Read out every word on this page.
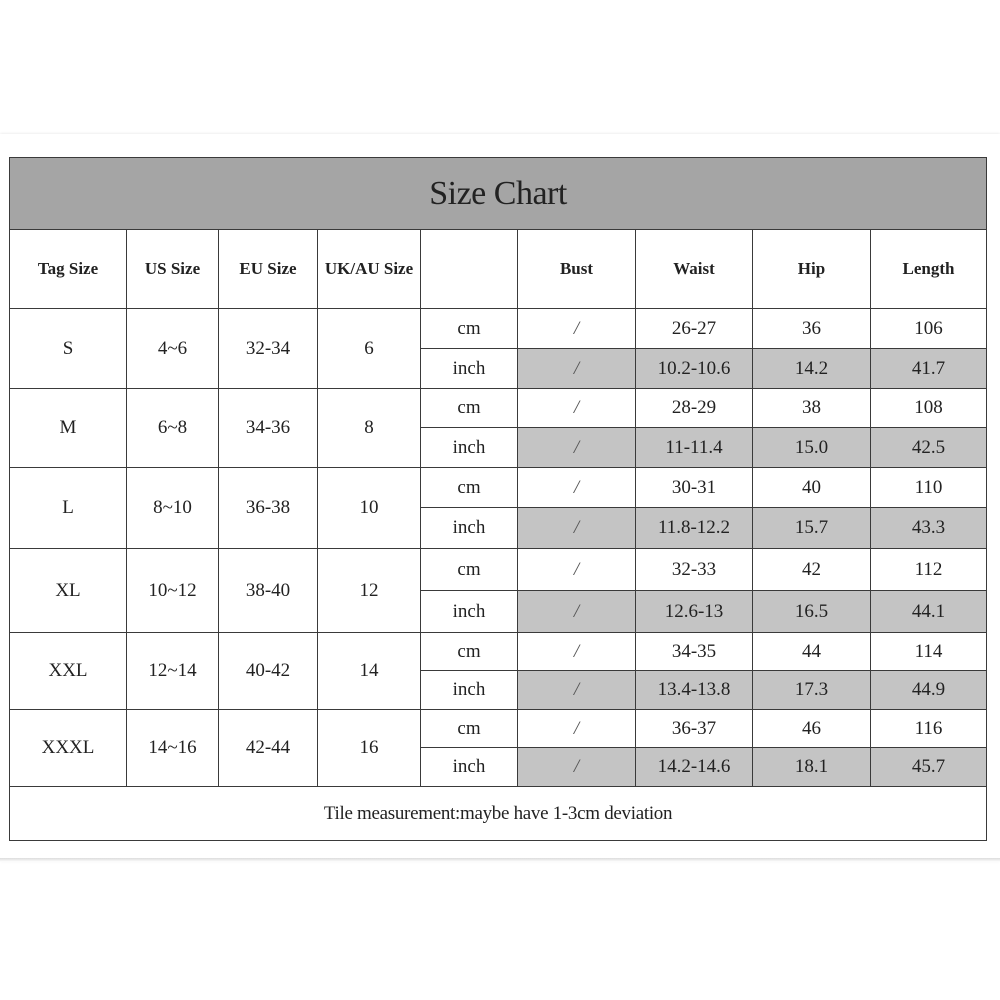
Size Chart								
Tag Size	US Size	EU Size	UK/AU Size		Bust	Waist	Hip	Length
S	4~6	32-34	6	cm	/	26-27	36	106
				inch	/	10.2-10.6	14.2	41.7
M	6~8	34-36	8	cm	/	28-29	38	108
				inch	/	11-11.4	15.0	42.5
L	8~10	36-38	10	cm	/	30-31	40	110
				inch	/	11.8-12.2	15.7	43.3
XL	10~12	38-40	12	cm	/	32-33	42	112
				inch	/	12.6-13	16.5	44.1
XXL	12~14	40-42	14	cm	/	34-35	44	114
				inch	/	13.4-13.8	17.3	44.9
XXXL	14~16	42-44	16	cm	/	36-37	46	116
				inch	/	14.2-14.6	18.1	45.7
Tile measurement:maybe have 1-3cm deviation								
